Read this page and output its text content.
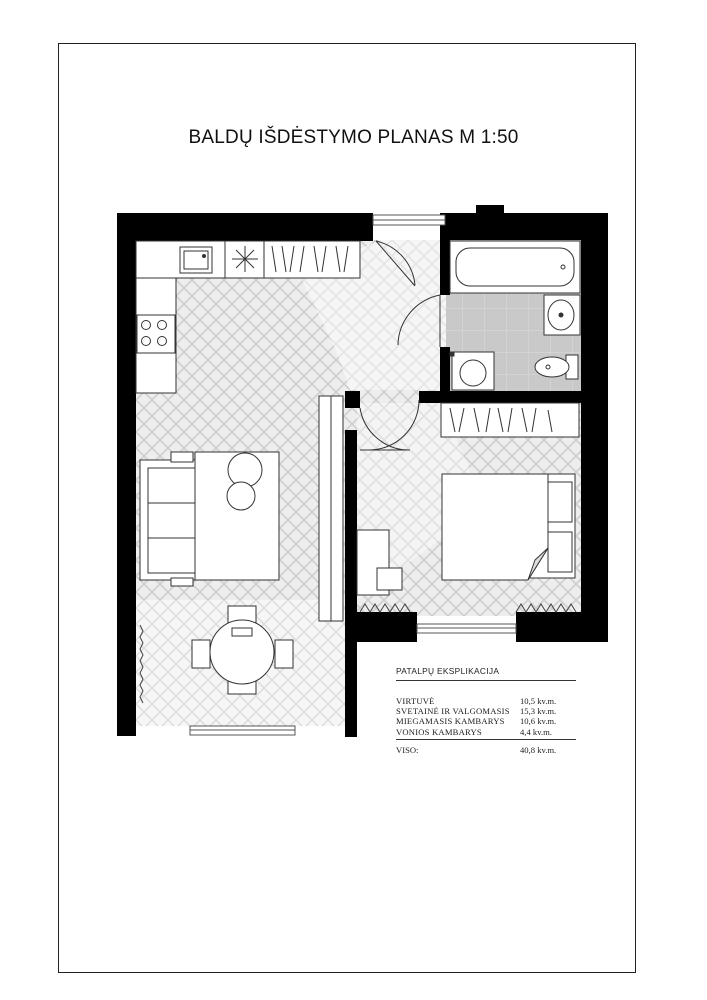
BALDŲ IŠDĖSTYMO PLANAS M 1:50
PATALPŲ EKSPLIKACIJA
VIRTUVĖ	10,5 kv.m.
SVETAINĖ IR VALGOMASIS 15,3 kv.m.
MIEGAMASIS KAMBARYS 10,6 kv.m.
VONIOS KAMBARYS	4,4 kv.m.
VISO:	40,8 kv.m.
